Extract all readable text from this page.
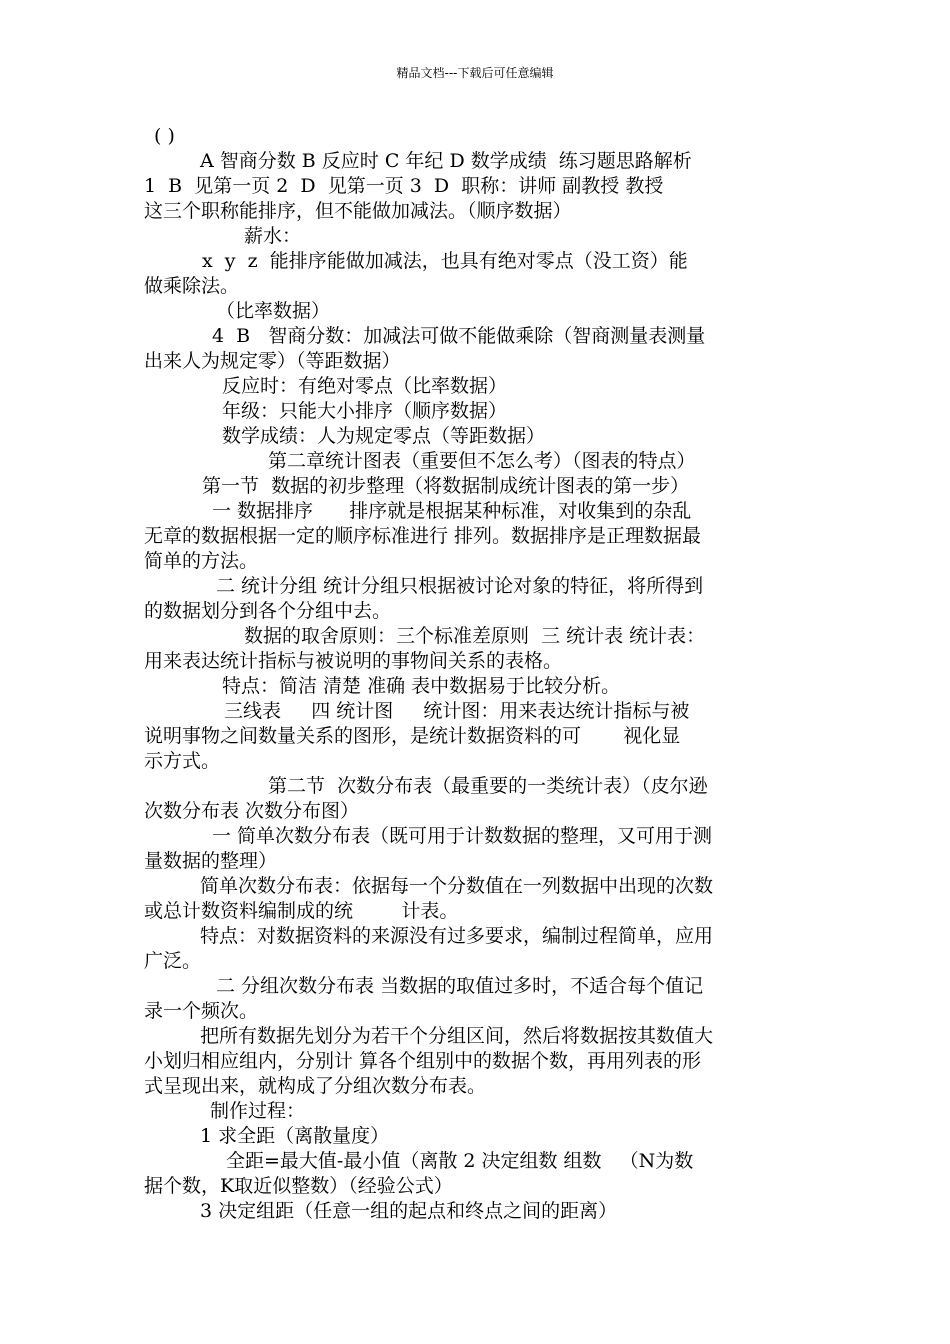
精品文档---下载后可任意编辑
( )
A 智商分数 B 反应时 C 年纪 D 数学成绩  练习题思路解析
1  B  见第一页 2  D  见第一页 3  D  职称：讲师 副教授 教授
这三个职称能排序，但不能做加减法。（顺序数据）
薪水：
x  y  z  能排序能做加减法，也具有绝对零点（没工资）能
做乘除法。
（比率数据）
4  B   智商分数：加减法可做不能做乘除（智商测量表测量
出来人为规定零）（等距数据）
反应时：有绝对零点（比率数据）
年级：只能大小排序（顺序数据）
数学成绩：人为规定零点（等距数据）
第二章统计图表（重要但不怎么考）（图表的特点）
第一节  数据的初步整理（将数据制成统计图表的第一步）
一 数据排序      排序就是根据某种标准，对收集到的杂乱
无章的数据根据一定的顺序标准进行 排列。数据排序是正理数据最
简单的方法。
二 统计分组 统计分组只根据被讨论对象的特征，将所得到
的数据划分到各个分组中去。
数据的取舍原则：三个标准差原则  三 统计表 统计表：
用来表达统计指标与被说明的事物间关系的表格。
特点：简洁 清楚 准确 表中数据易于比较分析。
三线表     四 统计图     统计图：用来表达统计指标与被
说明事物之间数量关系的图形，是统计数据资料的可       视化显
示方式。
第二节  次数分布表（最重要的一类统计表）（皮尔逊
次数分布表 次数分布图）
一 简单次数分布表（既可用于计数数据的整理，又可用于测
量数据的整理）
简单次数分布表：依据每一个分数值在一列数据中出现的次数
或总计数资料编制成的统        计表。
特点：对数据资料的来源没有过多要求，编制过程简单，应用
广泛。
二 分组次数分布表 当数据的取值过多时，不适合每个值记
录一个频次。
把所有数据先划分为若干个分组区间，然后将数据按其数值大
小划归相应组内，分别计 算各个组别中的数据个数，再用列表的形
式呈现出来，就构成了分组次数分布表。
制作过程：
1 求全距（离散量度）
全距=最大值-最小值（离散 2 决定组数 组数   （N为数
据个数，K取近似整数）（经验公式）
3 决定组距（任意一组的起点和终点之间的距离）
